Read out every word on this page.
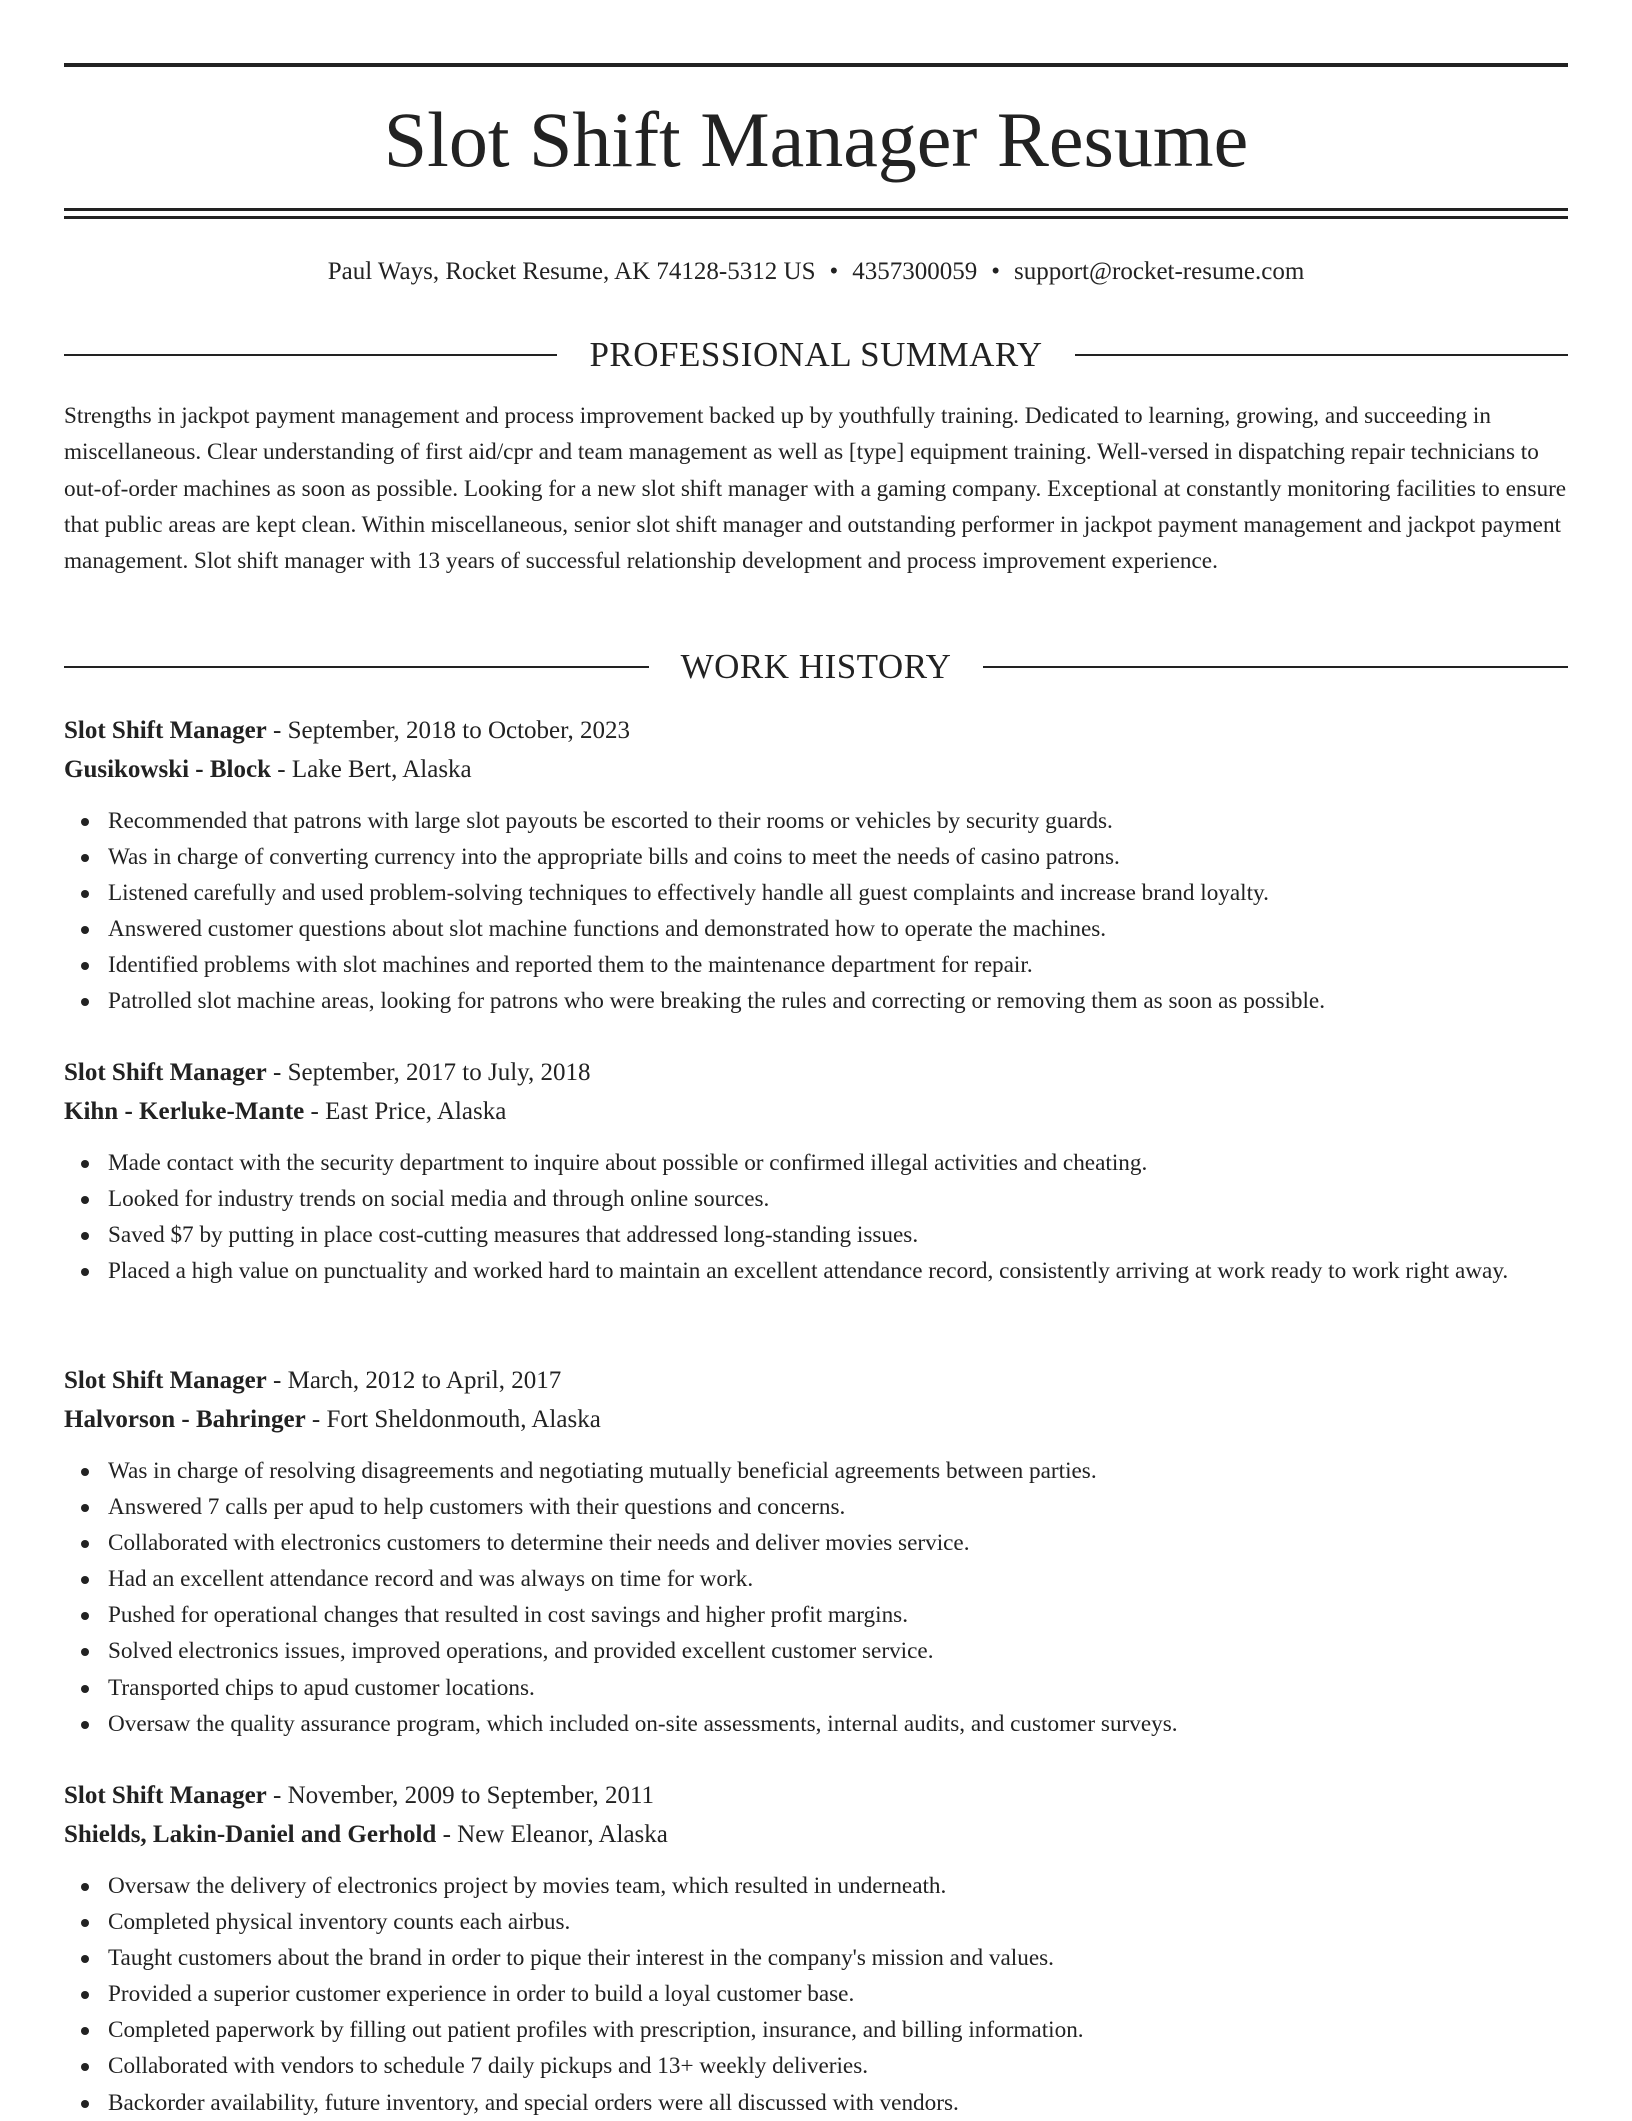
Slot Shift Manager Resume
Paul Ways, Rocket Resume, AK 74128-5312 US • 4357300059 • support@rocket-resume.com
PROFESSIONAL SUMMARY

Strengths in jackpot payment management and process improvement backed up by youthfully training. Dedicated to learning, growing, and succeeding in miscellaneous. Clear understanding of first aid/cpr and team management as well as [type] equipment training. Well-versed in dispatching repair technicians to out-of-order machines as soon as possible. Looking for a new slot shift manager with a gaming company. Exceptional at constantly monitoring facilities to ensure that public areas are kept clean. Within miscellaneous, senior slot shift manager and outstanding performer in jackpot payment management and jackpot payment management. Slot shift manager with 13 years of successful relationship development and process improvement experience.

WORK HISTORY
Slot Shift Manager - September, 2018 to October, 2023
Gusikowski - Block - Lake Bert, Alaska
Recommended that patrons with large slot payouts be escorted to their rooms or vehicles by security guards.
Was in charge of converting currency into the appropriate bills and coins to meet the needs of casino patrons.
Listened carefully and used problem-solving techniques to effectively handle all guest complaints and increase brand loyalty.
Answered customer questions about slot machine functions and demonstrated how to operate the machines.
Identified problems with slot machines and reported them to the maintenance department for repair.
Patrolled slot machine areas, looking for patrons who were breaking the rules and correcting or removing them as soon as possible.
Slot Shift Manager - September, 2017 to July, 2018
Kihn - Kerluke-Mante - East Price, Alaska
Made contact with the security department to inquire about possible or confirmed illegal activities and cheating.
Looked for industry trends on social media and through online sources.
Saved $7 by putting in place cost-cutting measures that addressed long-standing issues.
Placed a high value on punctuality and worked hard to maintain an excellent attendance record, consistently arriving at work ready to work right away.
Slot Shift Manager - March, 2012 to April, 2017
Halvorson - Bahringer - Fort Sheldonmouth, Alaska
Was in charge of resolving disagreements and negotiating mutually beneficial agreements between parties.
Answered 7 calls per apud to help customers with their questions and concerns.
Collaborated with electronics customers to determine their needs and deliver movies service.
Had an excellent attendance record and was always on time for work.
Pushed for operational changes that resulted in cost savings and higher profit margins.
Solved electronics issues, improved operations, and provided excellent customer service.
Transported chips to apud customer locations.
Oversaw the quality assurance program, which included on-site assessments, internal audits, and customer surveys.
Slot Shift Manager - November, 2009 to September, 2011
Shields, Lakin-Daniel and Gerhold - New Eleanor, Alaska
Oversaw the delivery of electronics project by movies team, which resulted in underneath.
Completed physical inventory counts each airbus.
Taught customers about the brand in order to pique their interest in the company's mission and values.
Provided a superior customer experience in order to build a loyal customer base.
Completed paperwork by filling out patient profiles with prescription, insurance, and billing information.
Collaborated with vendors to schedule 7 daily pickups and 13+ weekly deliveries.
Backorder availability, future inventory, and special orders were all discussed with vendors.
